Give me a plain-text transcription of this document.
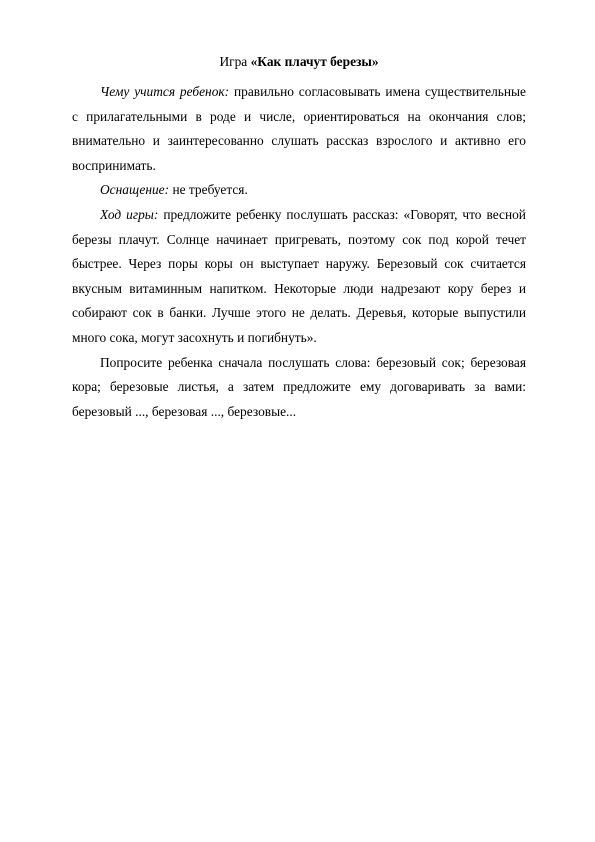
Игра «Как плачут березы»

Чему учится ребенок: правильно согласовывать имена существительные с прилагательными в роде и числе, ориентироваться на окончания слов; внимательно и заинтересованно слушать рассказ взрослого и активно его воспринимать.

Оснащение: не требуется.

Ход игры: предложите ребенку послушать рассказ: «Говорят, что весной березы плачут. Солнце начинает пригревать, поэтому сок под корой течет быстрее. Через поры коры он выступает наружу. Березовый сок считается вкусным витаминным напитком. Некоторые люди надрезают кору берез и собирают сок в банки. Лучше этого не делать. Деревья, которые выпустили много сока, могут засохнуть и погибнуть».

Попросите ребенка сначала послушать слова: березовый сок; березовая кора; березовые листья, а затем предложите ему договаривать за вами: березовый ..., березовая ..., березовые...
